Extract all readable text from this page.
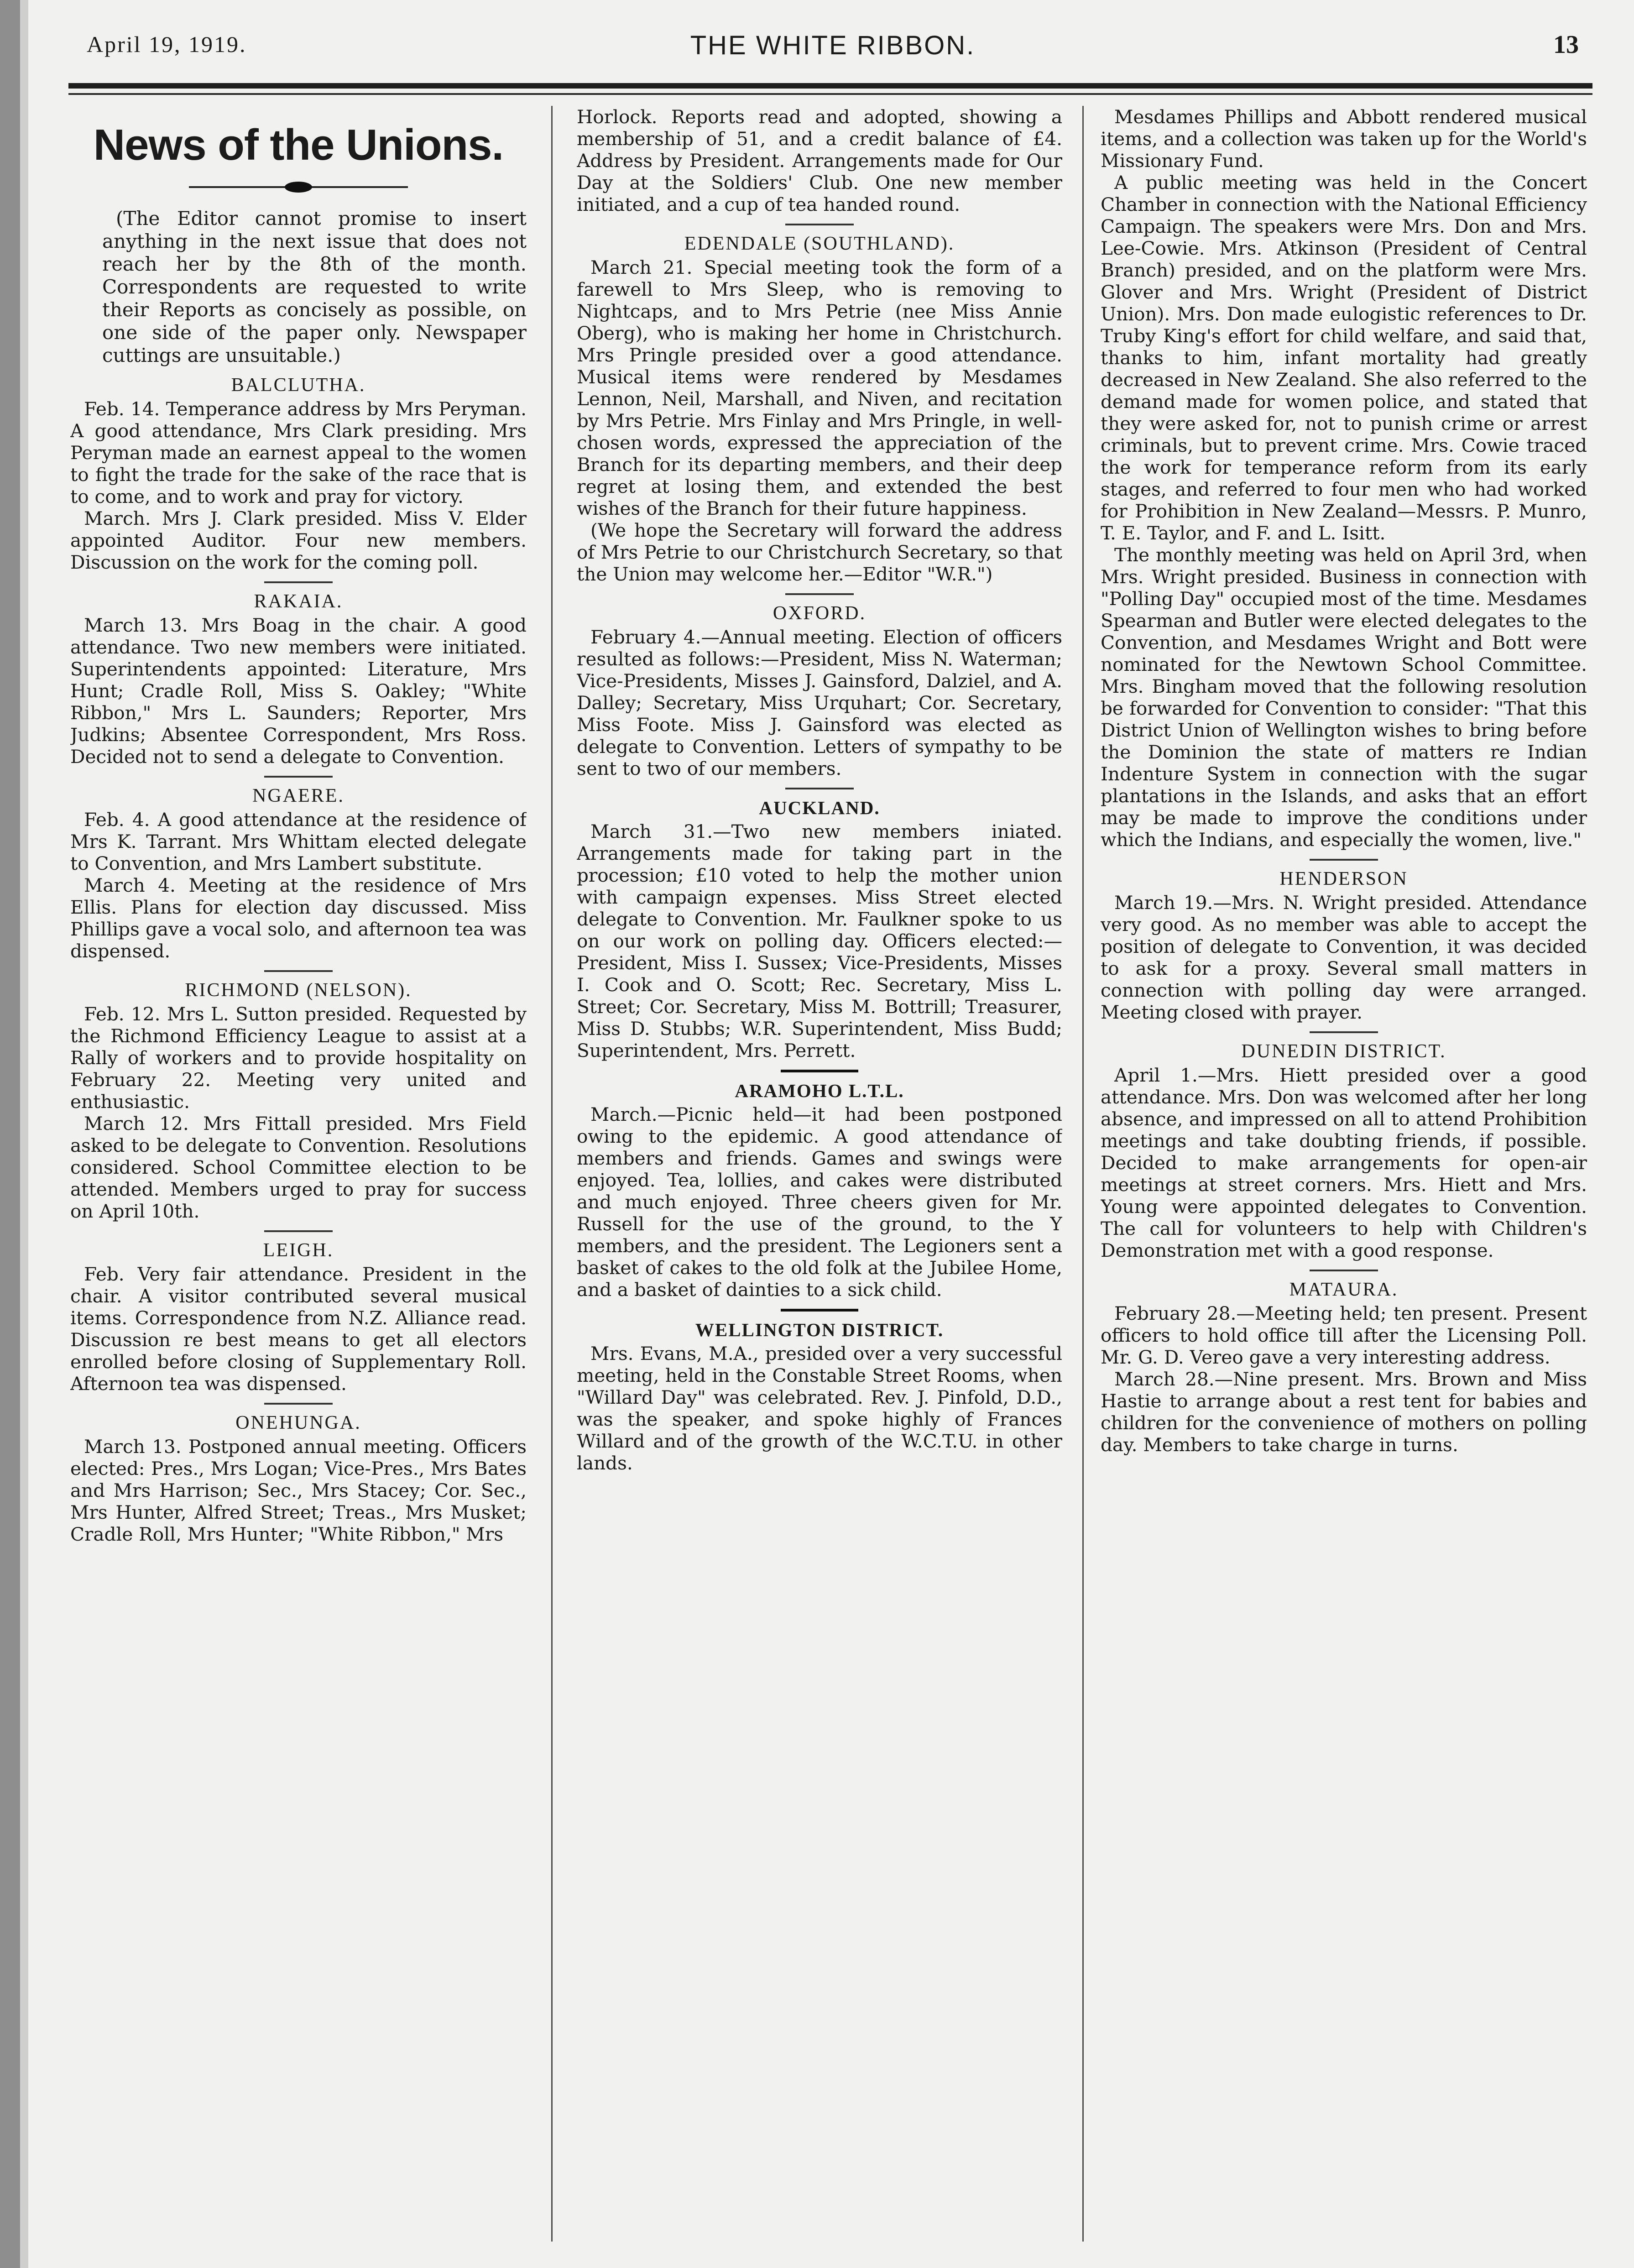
April 19, 1919.	THE WHITE RIBBON.	13
News of the Unions.

(The Editor cannot promise to insert anything in the next issue that does not reach her by the 8th of the month. Correspondents are requested to write their Reports as concisely as possible, on one side of the paper only. Newspaper cuttings are unsuitable.)

BALCLUTHA.

Feb. 14. Temperance address by Mrs Peryman. A good attendance, Mrs Clark presiding. Mrs Peryman made an earnest appeal to the women to fight the trade for the sake of the race that is to come, and to work and pray for victory.

March. Mrs J. Clark presided. Miss V. Elder appointed Auditor. Four new members. Discussion on the work for the coming poll.

RAKAIA.

March 13. Mrs Boag in the chair. A good attendance. Two new members were initiated. Superintendents appointed: Literature, Mrs Hunt; Cradle Roll, Miss S. Oakley; "White Ribbon," Mrs L. Saunders; Reporter, Mrs Judkins; Absentee Correspondent, Mrs Ross. Decided not to send a delegate to Convention.

NGAERE.

Feb. 4. A good attendance at the residence of Mrs K. Tarrant. Mrs Whittam elected delegate to Convention, and Mrs Lambert substitute.

March 4. Meeting at the residence of Mrs Ellis. Plans for election day discussed. Miss Phillips gave a vocal solo, and afternoon tea was dispensed.

RICHMOND (NELSON).

Feb. 12. Mrs L. Sutton presided. Requested by the Richmond Efficiency League to assist at a Rally of workers and to provide hospitality on February 22. Meeting very united and enthusiastic.

March 12. Mrs Fittall presided. Mrs Field asked to be delegate to Convention. Resolutions considered. School Committee election to be attended. Members urged to pray for success on April 10th.

LEIGH.

Feb. Very fair attendance. President in the chair. A visitor contributed several musical items. Correspondence from N.Z. Alliance read. Discussion re best means to get all electors enrolled before closing of Supplementary Roll. Afternoon tea was dispensed.

ONEHUNGA.

March 13. Postponed annual meeting. Officers elected: Pres., Mrs Logan; Vice-Pres., Mrs Bates and Mrs Harrison; Sec., Mrs Stacey; Cor. Sec., Mrs Hunter, Alfred Street; Treas., Mrs Musket; Cradle Roll, Mrs Hunter; "White Ribbon," Mrs

Horlock. Reports read and adopted, showing a membership of 51, and a credit balance of £4. Address by President. Arrangements made for Our Day at the Soldiers' Club. One new member initiated, and a cup of tea handed round.

EDENDALE (SOUTHLAND).

March 21. Special meeting took the form of a farewell to Mrs Sleep, who is removing to Nightcaps, and to Mrs Petrie (nee Miss Annie Oberg), who is making her home in Christchurch. Mrs Pringle presided over a good attendance. Musical items were rendered by Mesdames Lennon, Neil, Marshall, and Niven, and recitation by Mrs Petrie. Mrs Finlay and Mrs Pringle, in well-chosen words, expressed the appreciation of the Branch for its departing members, and their deep regret at losing them, and extended the best wishes of the Branch for their future happiness.

(We hope the Secretary will forward the address of Mrs Petrie to our Christchurch Secretary, so that the Union may welcome her.—Editor "W.R.")

OXFORD.

February 4.—Annual meeting. Election of officers resulted as follows:—President, Miss N. Waterman; Vice-Presidents, Misses J. Gainsford, Dalziel, and A. Dalley; Secretary, Miss Urquhart; Cor. Secretary, Miss Foote. Miss J. Gainsford was elected as delegate to Convention. Letters of sympathy to be sent to two of our members.

AUCKLAND.

March 31.—Two new members iniated. Arrangements made for taking part in the procession; £10 voted to help the mother union with campaign expenses. Miss Street elected delegate to Convention. Mr. Faulkner spoke to us on our work on polling day. Officers elected:—President, Miss I. Sussex; Vice-Presidents, Misses I. Cook and O. Scott; Rec. Secretary, Miss L. Street; Cor. Secretary, Miss M. Bottrill; Treasurer, Miss D. Stubbs; W.R. Superintendent, Miss Budd; Superintendent, Mrs. Perrett.

ARAMOHO L.T.L.

March.—Picnic held—it had been postponed owing to the epidemic. A good attendance of members and friends. Games and swings were enjoyed. Tea, lollies, and cakes were distributed and much enjoyed. Three cheers given for Mr. Russell for the use of the ground, to the Y members, and the president. The Legioners sent a basket of cakes to the old folk at the Jubilee Home, and a basket of dainties to a sick child.

WELLINGTON DISTRICT.

Mrs. Evans, M.A., presided over a very successful meeting, held in the Constable Street Rooms, when "Willard Day" was celebrated. Rev. J. Pinfold, D.D., was the speaker, and spoke highly of Frances Willard and of the growth of the W.C.T.U. in other lands.

Mesdames Phillips and Abbott rendered musical items, and a collection was taken up for the World's Missionary Fund.

A public meeting was held in the Concert Chamber in connection with the National Efficiency Campaign. The speakers were Mrs. Don and Mrs. Lee-Cowie. Mrs. Atkinson (President of Central Branch) presided, and on the platform were Mrs. Glover and Mrs. Wright (President of District Union). Mrs. Don made eulogistic references to Dr. Truby King's effort for child welfare, and said that, thanks to him, infant mortality had greatly decreased in New Zealand. She also referred to the demand made for women police, and stated that they were asked for, not to punish crime or arrest criminals, but to prevent crime. Mrs. Cowie traced the work for temperance reform from its early stages, and referred to four men who had worked for Prohibition in New Zealand—Messrs. P. Munro, T. E. Taylor, and F. and L. Isitt.

The monthly meeting was held on April 3rd, when Mrs. Wright presided. Business in connection with "Polling Day" occupied most of the time. Mesdames Spearman and Butler were elected delegates to the Convention, and Mesdames Wright and Bott were nominated for the Newtown School Committee. Mrs. Bingham moved that the following resolution be forwarded for Convention to consider: "That this District Union of Wellington wishes to bring before the Dominion the state of matters re Indian Indenture System in connection with the sugar plantations in the Islands, and asks that an effort may be made to improve the conditions under which the Indians, and especially the women, live."

HENDERSON

March 19.—Mrs. N. Wright presided. Attendance very good. As no member was able to accept the position of delegate to Convention, it was decided to ask for a proxy. Several small matters in connection with polling day were arranged. Meeting closed with prayer.

DUNEDIN DISTRICT.

April 1.—Mrs. Hiett presided over a good attendance. Mrs. Don was welcomed after her long absence, and impressed on all to attend Prohibition meetings and take doubting friends, if possible. Decided to make arrangements for open-air meetings at street corners. Mrs. Hiett and Mrs. Young were appointed delegates to Convention. The call for volunteers to help with Children's Demonstration met with a good response.

MATAURA.

February 28.—Meeting held; ten present. Present officers to hold office till after the Licensing Poll. Mr. G. D. Vereo gave a very interesting address.

March 28.—Nine present. Mrs. Brown and Miss Hastie to arrange about a rest tent for babies and children for the convenience of mothers on polling day. Members to take charge in turns.
